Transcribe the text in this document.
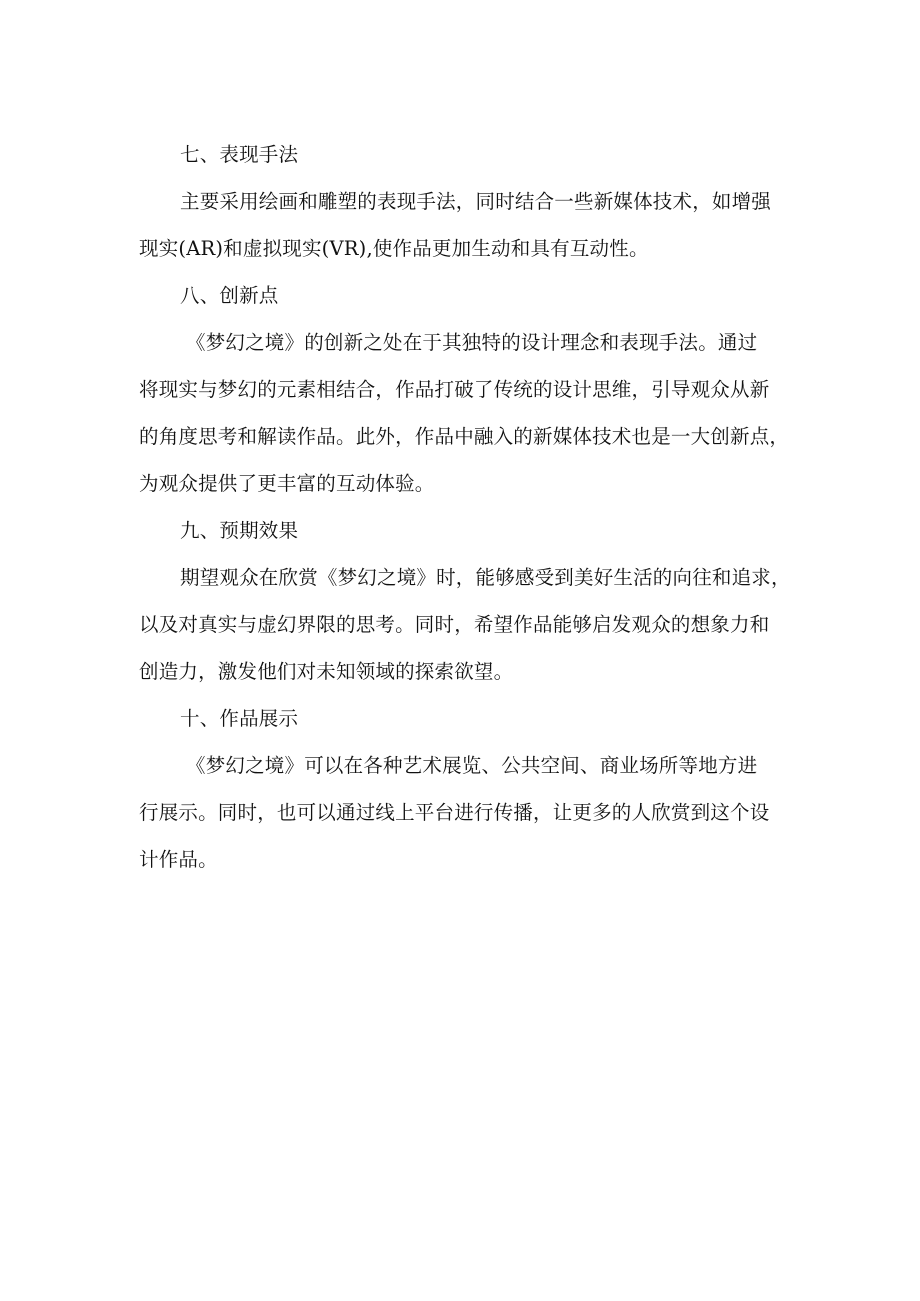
七、表现手法
主要采用绘画和雕塑的表现手法，同时结合一些新媒体技术，如增强
现实(AR)和虚拟现实(VR),使作品更加生动和具有互动性。
八、创新点
《梦幻之境》的创新之处在于其独特的设计理念和表现手法。通过
将现实与梦幻的元素相结合，作品打破了传统的设计思维，引导观众从新
的角度思考和解读作品。此外，作品中融入的新媒体技术也是一大创新点，
为观众提供了更丰富的互动体验。
九、预期效果
期望观众在欣赏《梦幻之境》时，能够感受到美好生活的向往和追求，
以及对真实与虚幻界限的思考。同时，希望作品能够启发观众的想象力和
创造力，激发他们对未知领域的探索欲望。
十、作品展示
《梦幻之境》可以在各种艺术展览、公共空间、商业场所等地方进
行展示。同时，也可以通过线上平台进行传播，让更多的人欣赏到这个设
计作品。
